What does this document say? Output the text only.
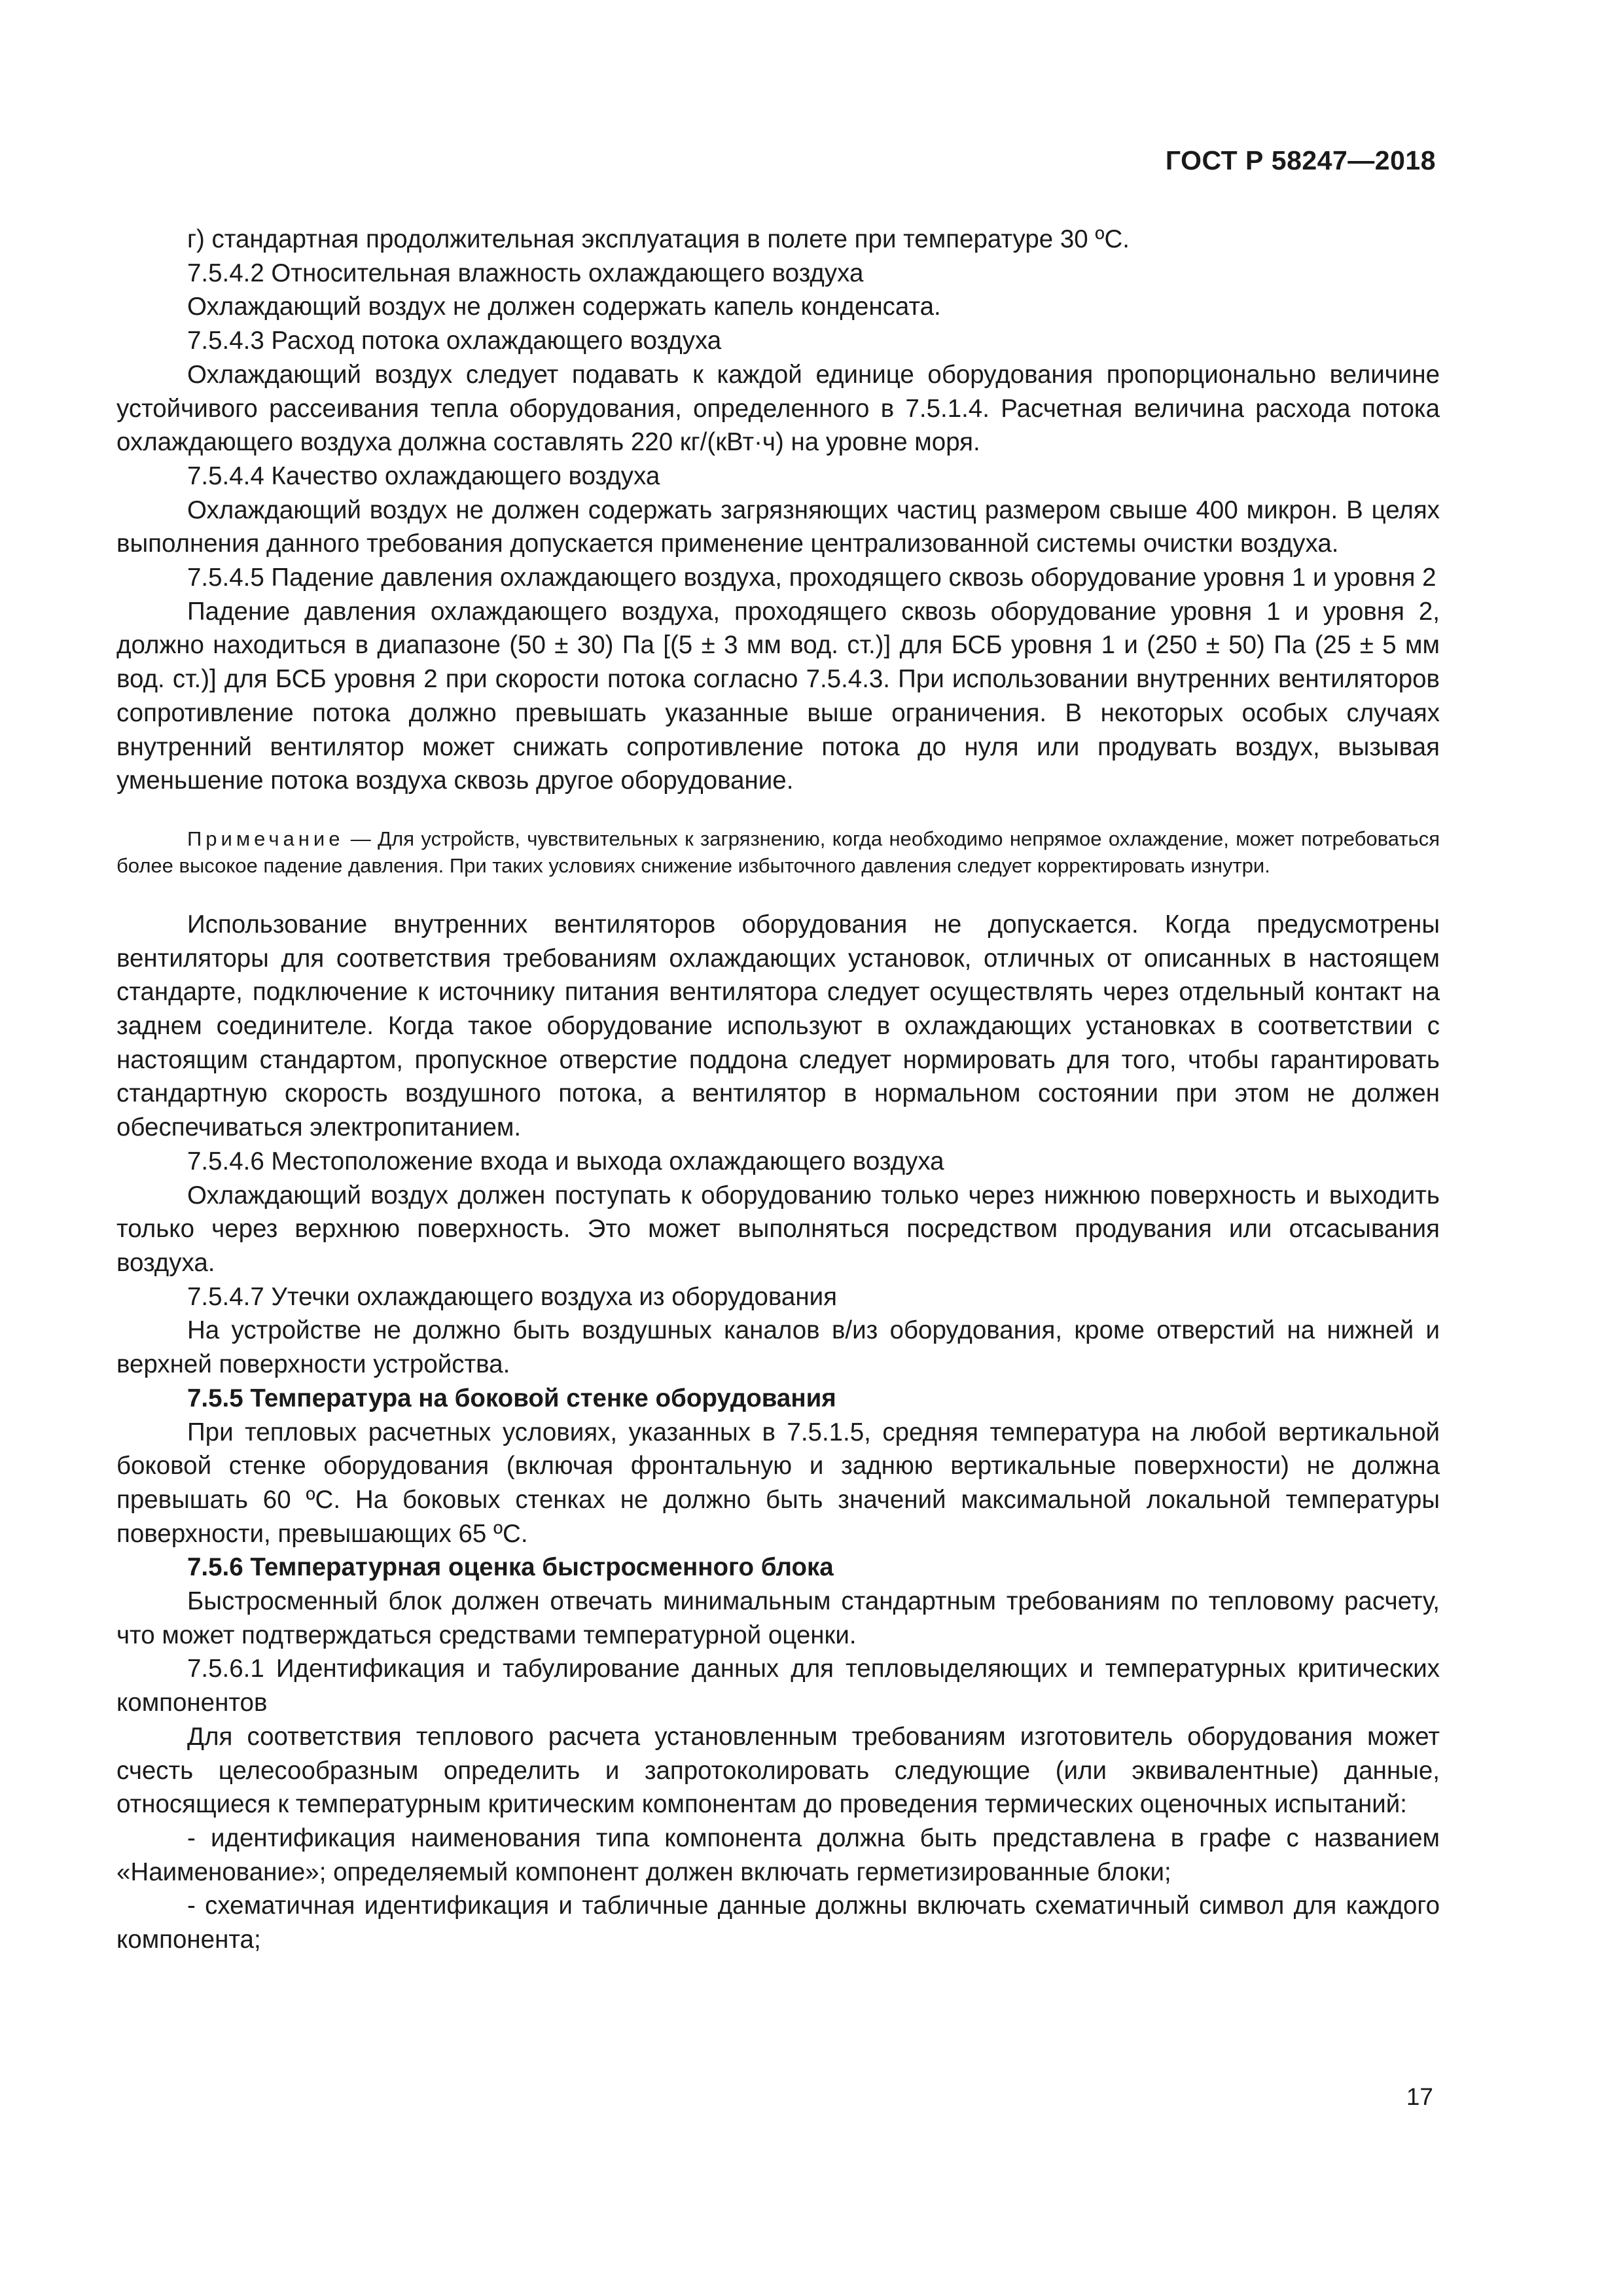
ГОСТ Р 58247—2018

г) стандартная продолжительная эксплуатация в полете при температуре 30 ºС.

7.5.4.2 Относительная влажность охлаждающего воздуха

Охлаждающий воздух не должен содержать капель конденсата.

7.5.4.3 Расход потока охлаждающего воздуха

Охлаждающий воздух следует подавать к каждой единице оборудования пропорционально величине устойчивого рассеивания тепла оборудования, определенного в 7.5.1.4. Расчетная величина расхода потока охлаждающего воздуха должна составлять 220 кг/(кВт·ч) на уровне моря.

7.5.4.4 Качество охлаждающего воздуха

Охлаждающий воздух не должен содержать загрязняющих частиц размером свыше 400 микрон. В целях выполнения данного требования допускается применение централизованной системы очистки воздуха.

7.5.4.5 Падение давления охлаждающего воздуха, проходящего сквозь оборудование уровня 1 и уровня 2

Падение давления охлаждающего воздуха, проходящего сквозь оборудование уровня 1 и уровня 2, должно находиться в диапазоне (50 ± 30) Па [(5 ± 3 мм вод. ст.)] для БСБ уровня 1 и (250 ± 50) Па (25 ± 5 мм вод. ст.)] для БСБ уровня 2 при скорости потока согласно 7.5.4.3. При использовании внутренних вентиляторов сопротивление потока должно превышать указанные выше ограничения. В некоторых особых случаях внутренний вентилятор может снижать сопротивление потока до нуля или продувать воздух, вызывая уменьшение потока воздуха сквозь другое оборудование.

Примечание — Для устройств, чувствительных к загрязнению, когда необходимо непрямое охлаждение, может потребоваться более высокое падение давления. При таких условиях снижение избыточного давления следует корректировать изнутри.

Использование внутренних вентиляторов оборудования не допускается. Когда предусмотрены вентиляторы для соответствия требованиям охлаждающих установок, отличных от описанных в настоящем стандарте, подключение к источнику питания вентилятора следует осуществлять через отдельный контакт на заднем соединителе. Когда такое оборудование используют в охлаждающих установках в соответствии с настоящим стандартом, пропускное отверстие поддона следует нормировать для того, чтобы гарантировать стандартную скорость воздушного потока, а вентилятор в нормальном состоянии при этом не должен обеспечиваться электропитанием.

7.5.4.6 Местоположение входа и выхода охлаждающего воздуха

Охлаждающий воздух должен поступать к оборудованию только через нижнюю поверхность и выходить только через верхнюю поверхность. Это может выполняться посредством продувания или отсасывания воздуха.

7.5.4.7 Утечки охлаждающего воздуха из оборудования

На устройстве не должно быть воздушных каналов в/из оборудования, кроме отверстий на нижней и верхней поверхности устройства.

7.5.5 Температура на боковой стенке оборудования

При тепловых расчетных условиях, указанных в 7.5.1.5, средняя температура на любой вертикальной боковой стенке оборудования (включая фронтальную и заднюю вертикальные поверхности) не должна превышать 60 ºС. На боковых стенках не должно быть значений максимальной локальной температуры поверхности, превышающих 65 ºС.

7.5.6 Температурная оценка быстросменного блока

Быстросменный блок должен отвечать минимальным стандартным требованиям по тепловому расчету, что может подтверждаться средствами температурной оценки.

7.5.6.1 Идентификация и табулирование данных для тепловыделяющих и температурных критических компонентов

Для соответствия теплового расчета установленным требованиям изготовитель оборудования может счесть целесообразным определить и запротоколировать следующие (или эквивалентные) данные, относящиеся к температурным критическим компонентам до проведения термических оценочных испытаний:

- идентификация наименования типа компонента должна быть представлена в графе с названием «Наименование»; определяемый компонент должен включать герметизированные блоки;

- схематичная идентификация и табличные данные должны включать схематичный символ для каждого компонента;

17
